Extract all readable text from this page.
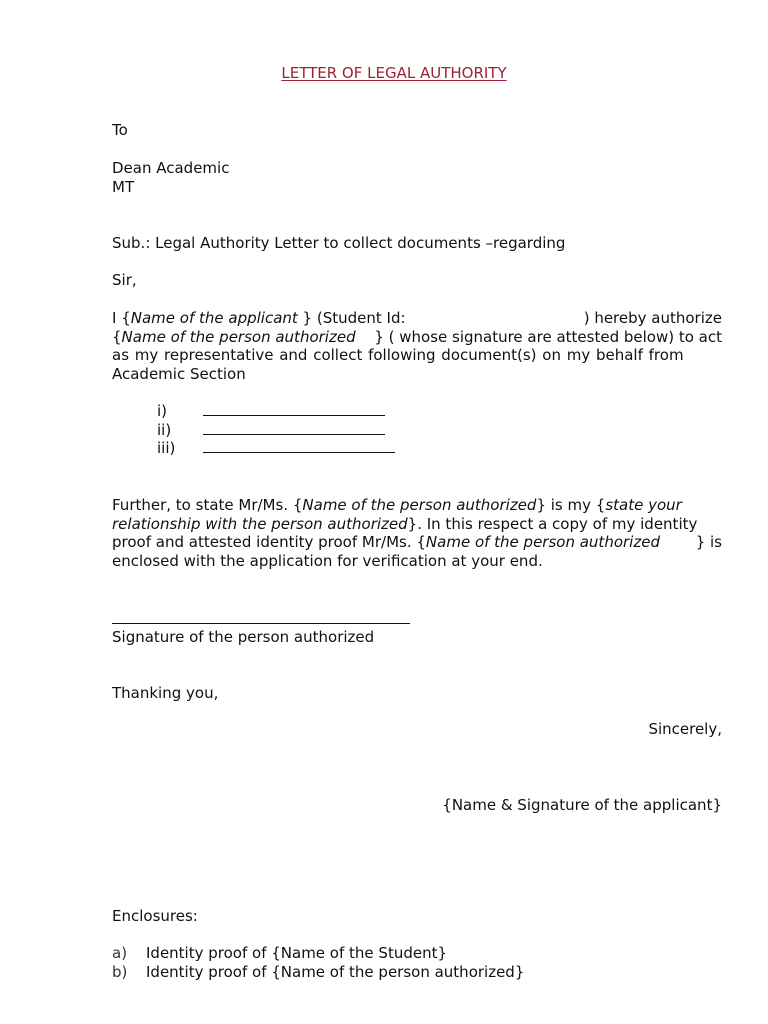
LETTER OF LEGAL AUTHORITY
To
Dean Academic
MT
Sub.: Legal Authority Letter to collect documents –regarding
Sir,
I {Name of the applicant } (Student Id:	) hereby authorize
{Name of the person authorized } ( whose signature are attested below) to act
as my representative and collect following document(s) on my behalf from
Academic Section
i)
ii)
iii)
Further, to state Mr/Ms. {Name of the person authorized} is my {state your
relationship with the person authorized}. In this respect a copy of my identity
proof and attested identity proof Mr/Ms. {Name of the person authorized } is
enclosed with the application for verification at your end.
Signature of the person authorized
Thanking you,
Sincerely,
{Name & Signature of the applicant}
Enclosures:
a) Identity proof of {Name of the Student}
b) Identity proof of {Name of the person authorized}
